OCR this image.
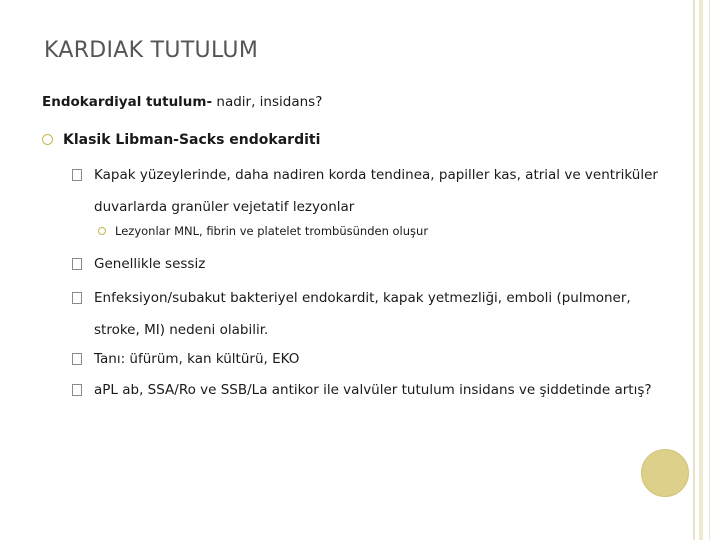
KARDIAK TUTULUM
Endokardiyal tutulum- nadir, insidans?
Klasik Libman-Sacks endokarditi
Kapak yüzeylerinde, daha nadiren korda tendinea, papiller kas, atrial ve ventriküler duvarlarda granüler vejetatif lezyonlar
Lezyonlar MNL, fibrin ve platelet trombüsünden oluşur
Genellikle sessiz
Enfeksiyon/subakut bakteriyel endokardit, kapak yetmezliği, emboli (pulmoner, stroke, MI) nedeni olabilir.
Tanı: üfürüm, kan kültürü, EKO
aPL ab, SSA/Ro ve SSB/La antikor ile valvüler tutulum insidans ve şiddetinde artış?
